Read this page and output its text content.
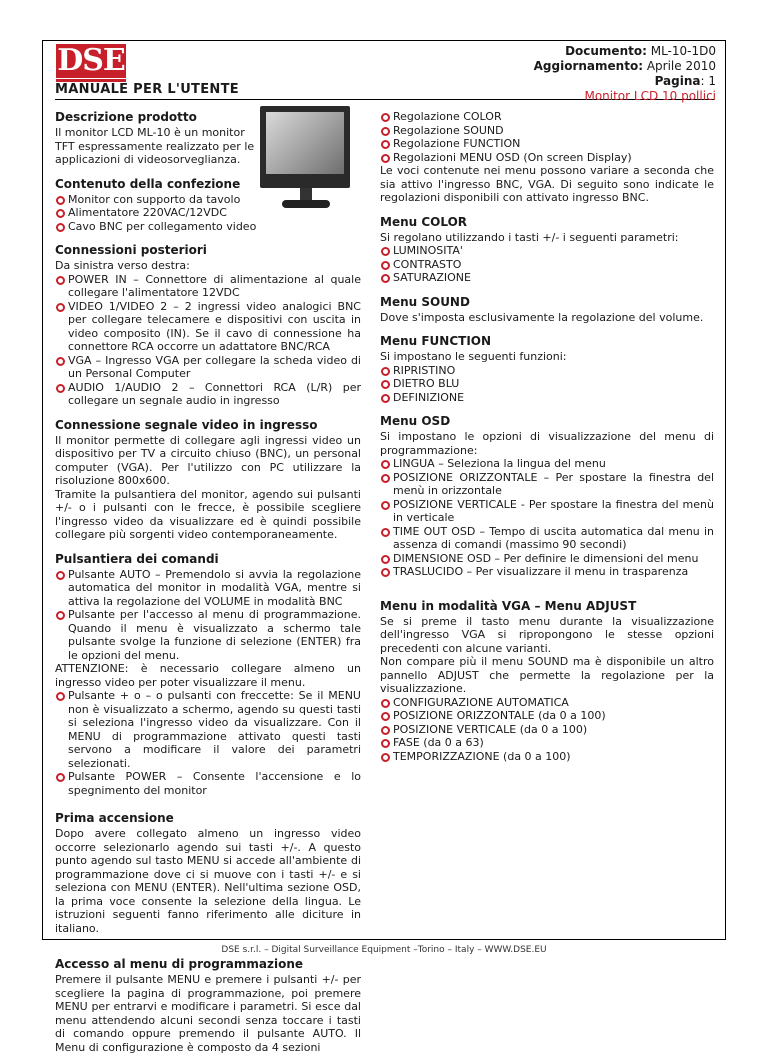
DSE
MANUALE PER L'UTENTE
Documento: ML-10-1D0
Aggiornamento: Aprile 2010
Pagina: 1
Monitor LCD 10 pollici
Descrizione prodotto

Il monitor LCD ML-10 è un monitor TFT espressamente realizzato per le applicazioni di videosorveglianza.

Contenuto della confezione
Monitor con supporto da tavolo
Alimentatore 220VAC/12VDC
Cavo BNC per collegamento video
Connessioni posteriori

Da sinistra verso destra:

POWER IN – Connettore di alimentazione al quale collegare l'alimentatore 12VDC
VIDEO 1/VIDEO 2 – 2 ingressi video analogici BNC per collegare telecamere e dispositivi con uscita in video composito (IN). Se il cavo di connessione ha connettore RCA occorre un adattatore BNC/RCA
VGA – Ingresso VGA per collegare la scheda video di un Personal Computer
AUDIO 1/AUDIO 2 – Connettori RCA (L/R) per collegare un segnale audio in ingresso
Connessione segnale video in ingresso

Il monitor permette di collegare agli ingressi video un dispositivo per TV a circuito chiuso (BNC), un personal computer (VGA). Per l'utilizzo con PC utilizzare la risoluzione 800x600.

Tramite la pulsantiera del monitor, agendo sui pulsanti +/- o i pulsanti con le frecce, è possibile scegliere l'ingresso video da visualizzare ed è quindi possibile collegare più sorgenti video contemporaneamente.

Pulsantiera dei comandi
Pulsante AUTO – Premendolo si avvia la regolazione automatica del monitor in modalità VGA, mentre si attiva la regolazione del VOLUME in modalità BNC
Pulsante per l'accesso al menu di programmazione. Quando il menu è visualizzato a schermo tale pulsante svolge la funzione di selezione (ENTER) fra le opzioni del menu.

ATTENZIONE: è necessario collegare almeno un ingresso video per poter visualizzare il menu.

Pulsante + o – o pulsanti con freccette: Se il MENU non è visualizzato a schermo, agendo su questi tasti si seleziona l'ingresso video da visualizzare. Con il MENU di programmazione attivato questi tasti servono a modificare il valore dei parametri selezionati.
Pulsante POWER – Consente l'accensione e lo spegnimento del monitor
Prima accensione

Dopo avere collegato almeno un ingresso video occorre selezionarlo agendo sui tasti +/-. A questo punto agendo sul tasto MENU si accede all'ambiente di programmazione dove ci si muove con i tasti +/- e si seleziona con MENU (ENTER). Nell'ultima sezione OSD, la prima voce consente la selezione della lingua. Le istruzioni seguenti fanno riferimento alle diciture in italiano.

Accesso al menu di programmazione

Premere il pulsante MENU e premere i pulsanti +/- per scegliere la pagina di programmazione, poi premere MENU per entrarvi e modificare i parametri. Si esce dal menu attendendo alcuni secondi senza toccare i tasti di comando oppure premendo il pulsante AUTO. Il Menu di configurazione è composto da 4 sezioni

Regolazione COLOR
Regolazione SOUND
Regolazione FUNCTION
Regolazioni MENU OSD (On screen Display)

Le voci contenute nei menu possono variare a seconda che sia attivo l'ingresso BNC, VGA. Di seguito sono indicate le regolazioni disponibili con attivato ingresso BNC.

Menu COLOR

Si regolano utilizzando i tasti +/- i seguenti parametri:

LUMINOSITA'
CONTRASTO
SATURAZIONE
Menu SOUND

Dove s'imposta esclusivamente la regolazione del volume.

Menu FUNCTION

Si impostano le seguenti funzioni:

RIPRISTINO
DIETRO BLU
DEFINIZIONE
Menu OSD

Si impostano le opzioni di visualizzazione del menu di programmazione:

LINGUA – Seleziona la lingua del menu
POSIZIONE ORIZZONTALE – Per spostare la finestra del menù in orizzontale
POSIZIONE VERTICALE - Per spostare la finestra del menù in verticale
TIME OUT OSD – Tempo di uscita automatica dal menu in assenza di comandi (massimo 90 secondi)
DIMENSIONE OSD – Per definire le dimensioni del menu
TRASLUCIDO – Per visualizzare il menu in trasparenza
Menu in modalità VGA – Menu ADJUST

Se si preme il tasto menu durante la visualizzazione dell'ingresso VGA si ripropongono le stesse opzioni precedenti con alcune varianti.

Non compare più il menu SOUND ma è disponibile un altro pannello ADJUST che permette la regolazione per la visualizzazione.

CONFIGURAZIONE AUTOMATICA
POSIZIONE ORIZZONTALE (da 0 a 100)
POSIZIONE VERTICALE (da 0 a 100)
FASE (da 0 a 63)
TEMPORIZZAZIONE (da 0 a 100)
DSE s.r.l. – Digital Surveillance Equipment –Torino – Italy – WWW.DSE.EU
